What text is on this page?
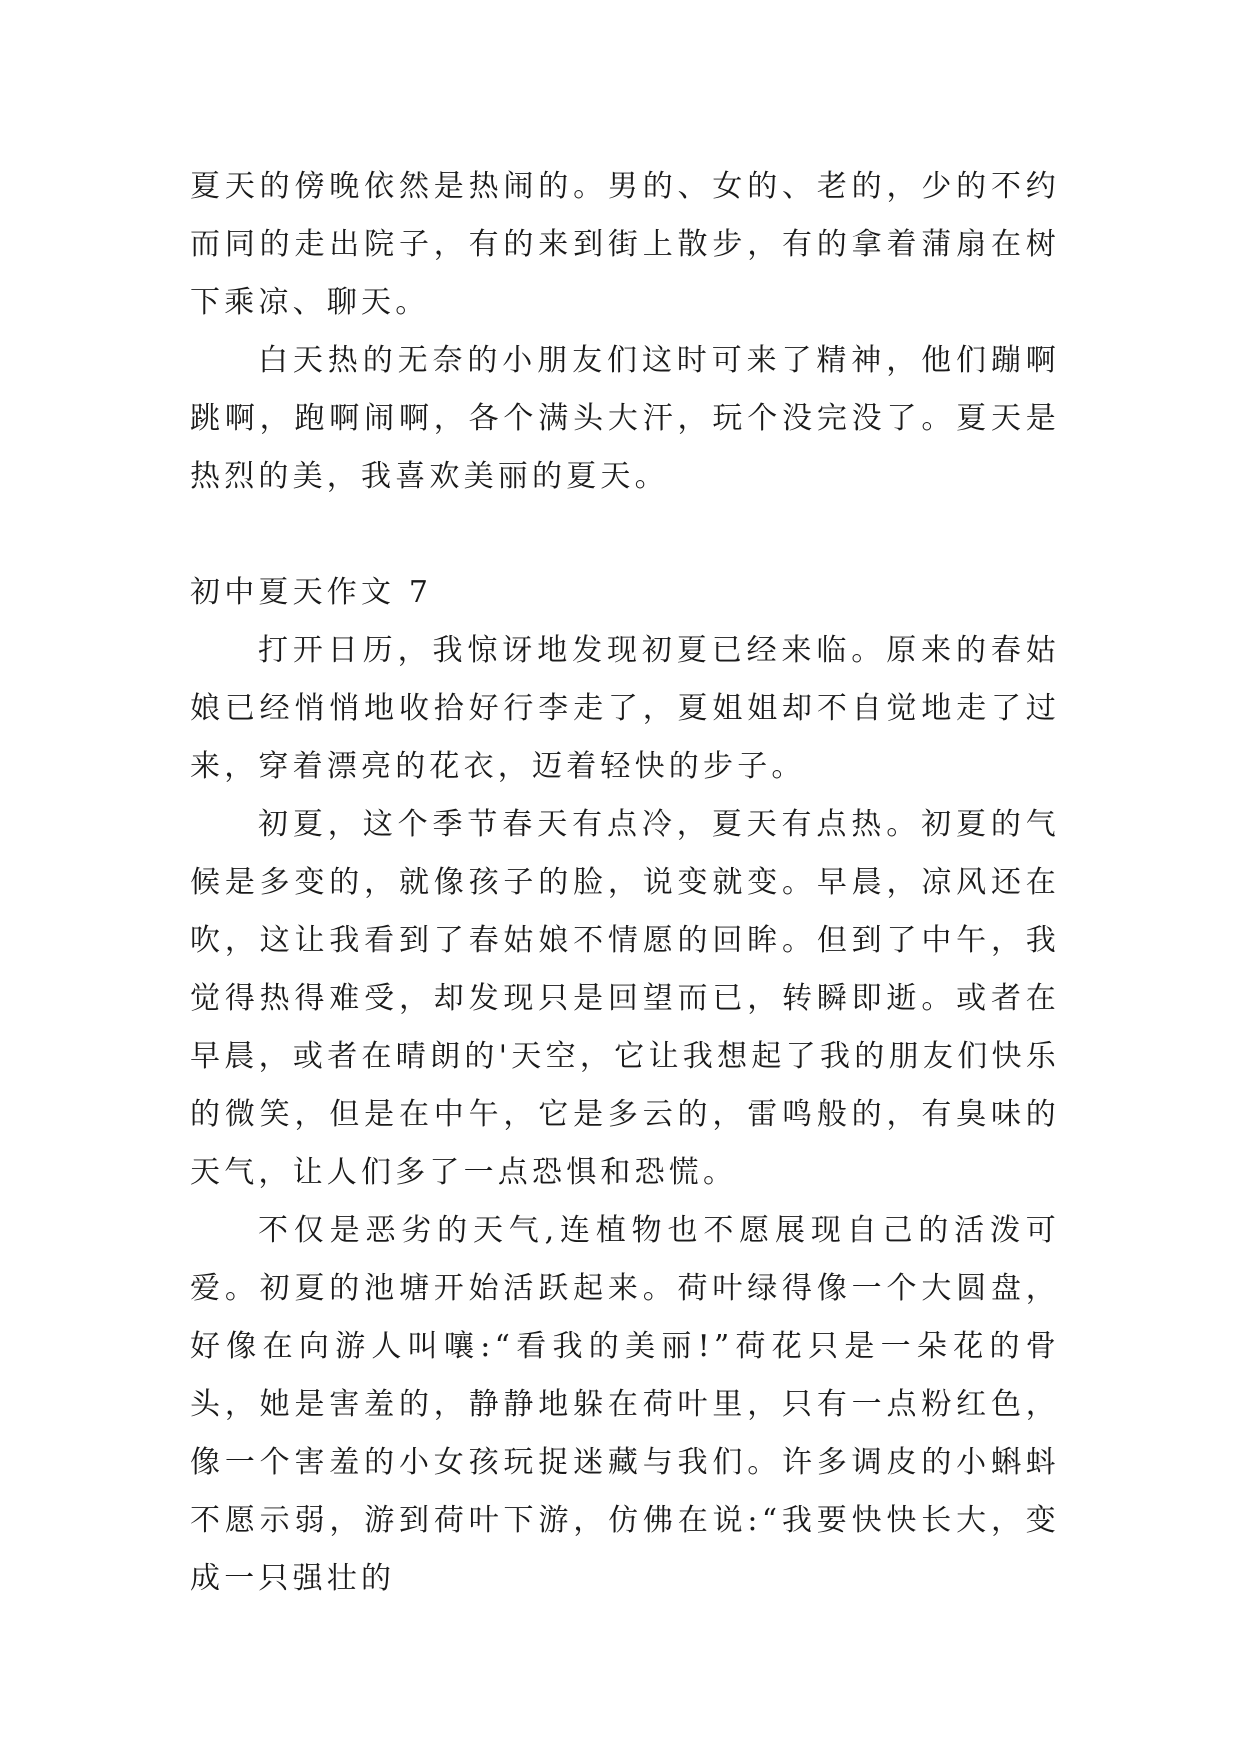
夏天的傍晚依然是热闹的。男的、女的、老的，少的不约而同的走出院子，有的来到街上散步，有的拿着蒲扇在树下乘凉、聊天。

白天热的无奈的小朋友们这时可来了精神，他们蹦啊跳啊，跑啊闹啊，各个满头大汗，玩个没完没了。夏天是热烈的美，我喜欢美丽的夏天。

初中夏天作文 7

打开日历，我惊讶地发现初夏已经来临。原来的春姑娘已经悄悄地收拾好行李走了，夏姐姐却不自觉地走了过来，穿着漂亮的花衣，迈着轻快的步子。

初夏，这个季节春天有点冷，夏天有点热。初夏的气候是多变的，就像孩子的脸，说变就变。早晨，凉风还在吹，这让我看到了春姑娘不情愿的回眸。但到了中午，我觉得热得难受，却发现只是回望而已，转瞬即逝。或者在早晨，或者在晴朗的'天空，它让我想起了我的朋友们快乐的微笑，但是在中午，它是多云的，雷鸣般的，有臭味的天气，让人们多了一点恐惧和恐慌。

不仅是恶劣的天气,连植物也不愿展现自己的活泼可爱。初夏的池塘开始活跃起来。荷叶绿得像一个大圆盘，好像在向游人叫嚷:“看我的美丽!”荷花只是一朵花的骨头，她是害羞的，静静地躲在荷叶里，只有一点粉红色，像一个害羞的小女孩玩捉迷藏与我们。许多调皮的小蝌蚪不愿示弱，游到荷叶下游，仿佛在说:“我要快快长大，变成一只强壮的
